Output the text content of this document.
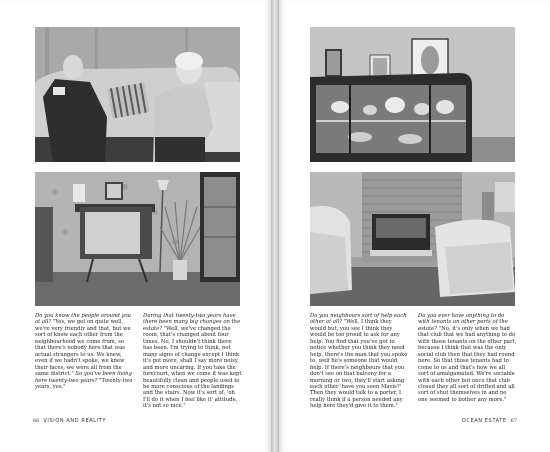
Do you know the people around you at all? "Yes, we get on quite well, we're very friendly and that, but we sort of know each other from the neighbourhood we come from, so that there's nobody here that was actual strangers to us. We knew, even if we hadn't spoke, we knew their faces, we were all from the same district." So you've been living here twenty-two years? "Twenty-two years, yes."

During that twenty-two years have there been many big changes on the estate? "Well, we've changed the room, that's changed about four times. No, I shouldn't think there has been. I'm trying to think, not many signs of change except I think it's got more, shall I say more noisy, and more uncaring. If you take the forecourt, when we come it was kept beautifully clean and people used to be more conscious of the landings and the stairs. Now it's sort of, 'oh I'll do it when I feel like it' attitude, it's not so nice."

66 VISION AND REALITY

Do you neighbours sort of help each other at all? "Well, I think they would but, you see I think they would be too proud to ask for any help. You find that you've got to notice whether you think they need help, there's the man that you spoke to, well he's someone that would help. If there's neighbours that you don't see on that balcony for a morning or two, they'll start asking each other 'have you seen Mavis?' Then they would talk to a porter, I really think if a person needed any help here they'd give it to them."

Do you ever have anything to do with tenants on other parts of the estate? "No, it's only when we had that club that we had anything to do with those tenants on the other part, because I think that was the only social club then that they had round here. So that those tenants had to come to us and that's how we all sort of amalgamated. We're sociable with each other but once that club closed they all sort of drifted and all sort of shut themselves in and no one seemed to bother any more."

OCEAN ESTATE 67
